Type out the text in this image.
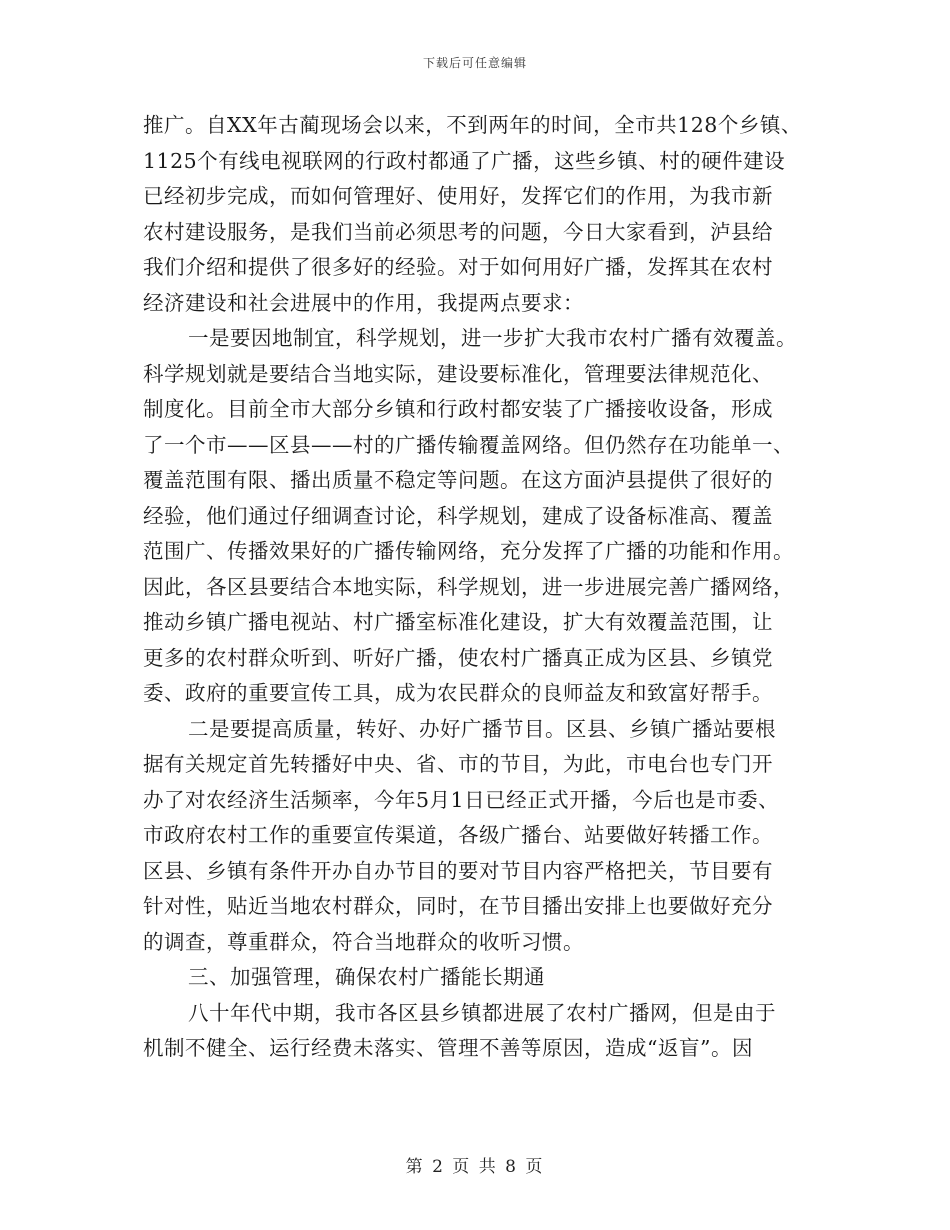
下载后可任意编辑
推广。自XX年古蔺现场会以来，不到两年的时间，全市共128个乡镇、
1125个有线电视联网的行政村都通了广播，这些乡镇、村的硬件建设
已经初步完成，而如何管理好、使用好，发挥它们的作用，为我市新
农村建设服务，是我们当前必须思考的问题，今日大家看到，泸县给
我们介绍和提供了很多好的经验。对于如何用好广播，发挥其在农村
经济建设和社会进展中的作用，我提两点要求：
一是要因地制宜，科学规划，进一步扩大我市农村广播有效覆盖。
科学规划就是要结合当地实际，建设要标准化，管理要法律规范化、
制度化。目前全市大部分乡镇和行政村都安装了广播接收设备，形成
了一个市——区县——村的广播传输覆盖网络。但仍然存在功能单一、
覆盖范围有限、播出质量不稳定等问题。在这方面泸县提供了很好的
经验，他们通过仔细调查讨论，科学规划，建成了设备标准高、覆盖
范围广、传播效果好的广播传输网络，充分发挥了广播的功能和作用。
因此，各区县要结合本地实际，科学规划，进一步进展完善广播网络，
推动乡镇广播电视站、村广播室标准化建设，扩大有效覆盖范围，让
更多的农村群众听到、听好广播，使农村广播真正成为区县、乡镇党
委、政府的重要宣传工具，成为农民群众的良师益友和致富好帮手。
二是要提高质量，转好、办好广播节目。区县、乡镇广播站要根
据有关规定首先转播好中央、省、市的节目，为此，市电台也专门开
办了对农经济生活频率，今年5月1日已经正式开播，今后也是市委、
市政府农村工作的重要宣传渠道，各级广播台、站要做好转播工作。
区县、乡镇有条件开办自办节目的要对节目内容严格把关，节目要有
针对性，贴近当地农村群众，同时，在节目播出安排上也要做好充分
的调查，尊重群众，符合当地群众的收听习惯。
三、加强管理，确保农村广播能长期通
八十年代中期，我市各区县乡镇都进展了农村广播网，但是由于
机制不健全、运行经费未落实、管理不善等原因，造成“返盲”。因
第 2 页 共 8 页
